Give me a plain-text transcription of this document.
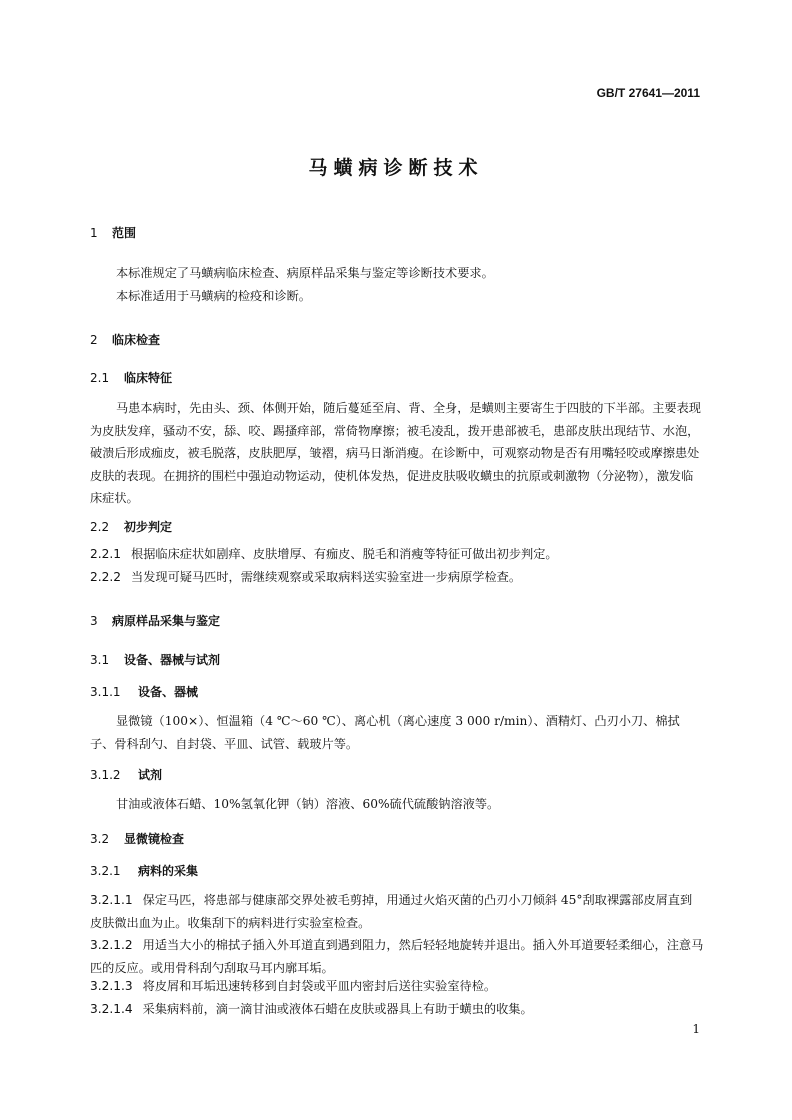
GB/T 27641—2011
马蟥病诊断技术
1 范围
本标准规定了马蟥病临床检查、病原样品采集与鉴定等诊断技术要求。
本标准适用于马蟥病的检疫和诊断。
2 临床检查
2.1 临床特征
马患本病时，先由头、颈、体侧开始，随后蔓延至肩、背、全身，是蟥则主要寄生于四肢的下半部。主要表现为皮肤发痒，骚动不安，舔、咬、踢搔痒部，常倚物摩擦；被毛凌乱，拨开患部被毛，患部皮肤出现结节、水泡，破溃后形成痂皮，被毛脱落，皮肤肥厚，皱褶，病马日渐消瘦。在诊断中，可观察动物是否有用嘴轻咬或摩擦患处皮肤的表现。在拥挤的围栏中强迫动物运动，使机体发热，促进皮肤吸收蟥虫的抗原或刺激物（分泌物），激发临床症状。
2.2 初步判定
2.2.1 根据临床症状如剧痒、皮肤增厚、有痂皮、脱毛和消瘦等特征可做出初步判定。
2.2.2 当发现可疑马匹时，需继续观察或采取病料送实验室进一步病原学检查。
3 病原样品采集与鉴定
3.1 设备、器械与试剂
3.1.1 设备、器械
显微镜（100×）、恒温箱（4 ℃～60 ℃）、离心机（离心速度 3 000 r/min）、酒精灯、凸刃小刀、棉拭子、骨科刮勺、自封袋、平皿、试管、载玻片等。
3.1.2 试剂
甘油或液体石蜡、10%氢氧化钾（钠）溶液、60%硫代硫酸钠溶液等。
3.2 显微镜检查
3.2.1 病料的采集
3.2.1.1 保定马匹，将患部与健康部交界处被毛剪掉，用通过火焰灭菌的凸刃小刀倾斜 45°刮取裸露部皮屑直到皮肤微出血为止。收集刮下的病料进行实验室检查。
3.2.1.2 用适当大小的棉拭子插入外耳道直到遇到阻力，然后轻轻地旋转并退出。插入外耳道要轻柔细心，注意马匹的反应。或用骨科刮勺刮取马耳内廓耳垢。
3.2.1.3 将皮屑和耳垢迅速转移到自封袋或平皿内密封后送往实验室待检。
3.2.1.4 采集病料前，滴一滴甘油或液体石蜡在皮肤或器具上有助于蟥虫的收集。
1
